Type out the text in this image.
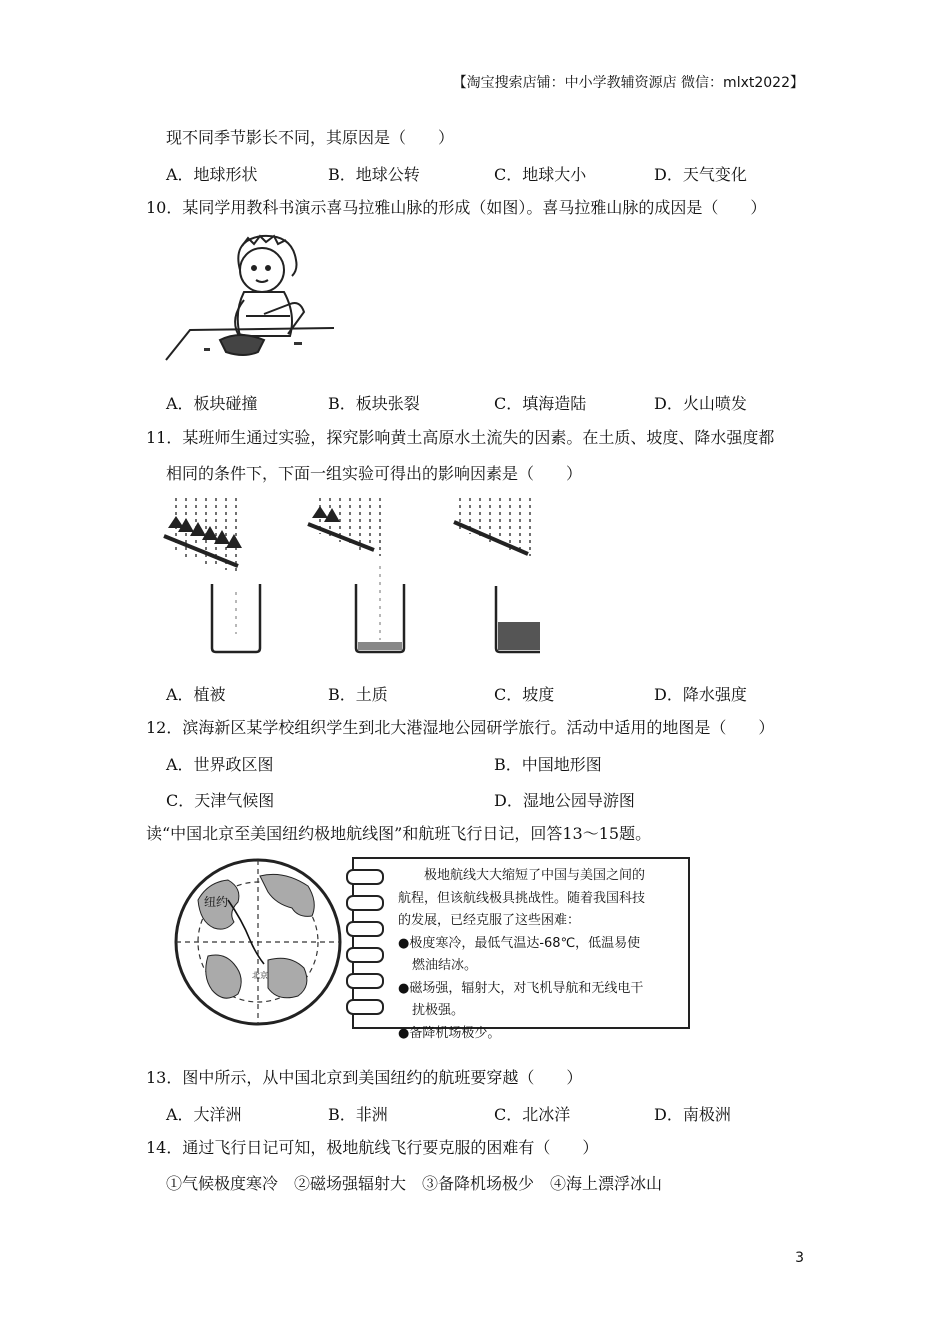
【淘宝搜索店铺：中小学教辅资源店 微信：mlxt2022】
现不同季节影长不同，其原因是（　　）
A．地球形状	B．地球公转	C．地球大小	D．天气变化
10．某同学用教科书演示喜马拉雅山脉的形成（如图）。喜马拉雅山脉的成因是（　　）
A．板块碰撞	B．板块张裂	C．填海造陆	D．火山喷发
11．某班师生通过实验，探究影响黄土高原水土流失的因素。在土质、坡度、降水强度都
相同的条件下，下面一组实验可得出的影响因素是（　　）
A．植被	B．土质	C．坡度	D．降水强度
12．滨海新区某学校组织学生到北大港湿地公园研学旅行。活动中适用的地图是（　　）
A．世界政区图	B．中国地形图
C．天津气候图	D．湿地公园导游图
读“中国北京至美国纽约极地航线图”和航班飞行日记，回答13～15题。
纽约
北京
极地航线大大缩短了中国与美国之间的
航程，但该航线极具挑战性。随着我国科技
的发展，已经克服了这些困难：
●极度寒冷，最低气温达-68℃，低温易使
燃油结冰。
●磁场强，辐射大，对飞机导航和无线电干
扰极强。
●备降机场极少。
13．图中所示，从中国北京到美国纽约的航班要穿越（　　）
A．大洋洲	B．非洲	C．北冰洋	D．南极洲
14．通过飞行日记可知，极地航线飞行要克服的困难有（　　）
①气候极度寒冷　②磁场强辐射大　③备降机场极少　④海上漂浮冰山
3
